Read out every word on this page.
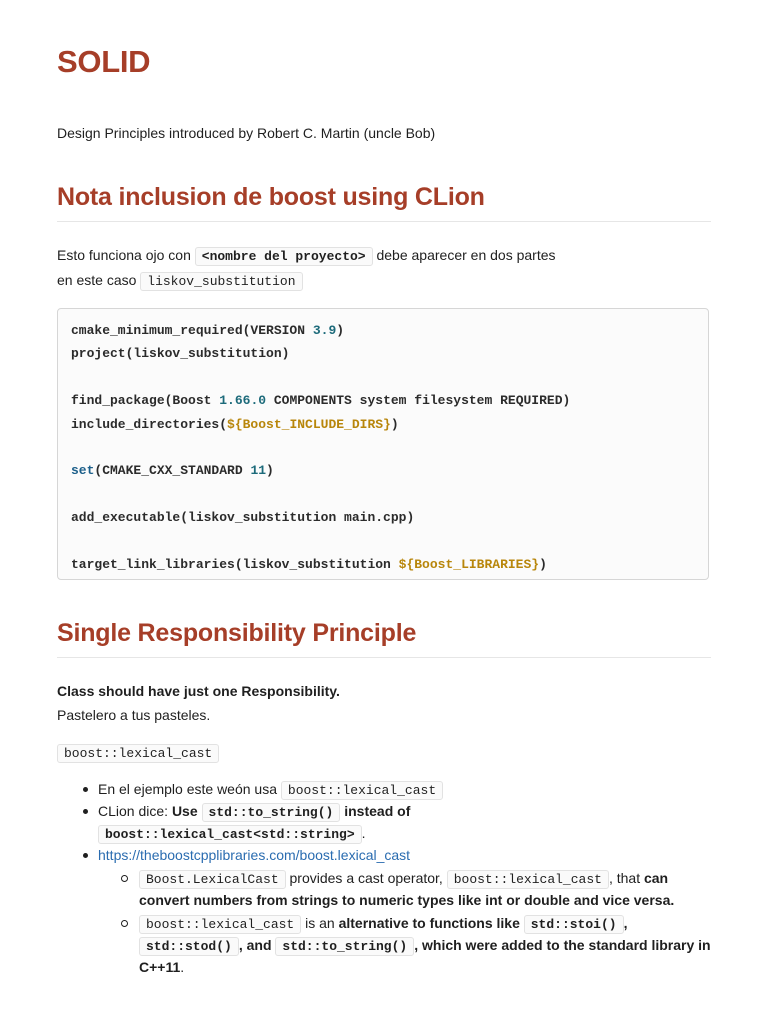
SOLID

Design Principles introduced by Robert C. Martin (uncle Bob)

Nota inclusion de boost using CLion

Esto funciona ojo con <nombre del proyecto> debe aparecer en dos partes

en este caso liskov_substitution

cmake_minimum_required(VERSION 3.9)
project(liskov_substitution)

find_package(Boost 1.66.0 COMPONENTS system filesystem REQUIRED)
include_directories(${Boost_INCLUDE_DIRS})

set(CMAKE_CXX_STANDARD 11)

add_executable(liskov_substitution main.cpp)

target_link_libraries(liskov_substitution ${Boost_LIBRARIES})
Single Responsibility Principle

Class should have just one Responsibility.

Pastelero a tus pasteles.

boost::lexical_cast

En el ejemplo este weón usa boost::lexical_cast
CLion dice: Use std::to_string() instead of
boost::lexical_cast<std::string> .
https://theboostcpplibraries.com/boost.lexical_cast
Boost.LexicalCast provides a cast operator, boost::lexical_cast , that can convert numbers from strings to numeric types like int or double and vice versa.
boost::lexical_cast is an alternative to functions like std::stoi() , std::stod() , and std::to_string() , which were added to the standard library in C++11.
